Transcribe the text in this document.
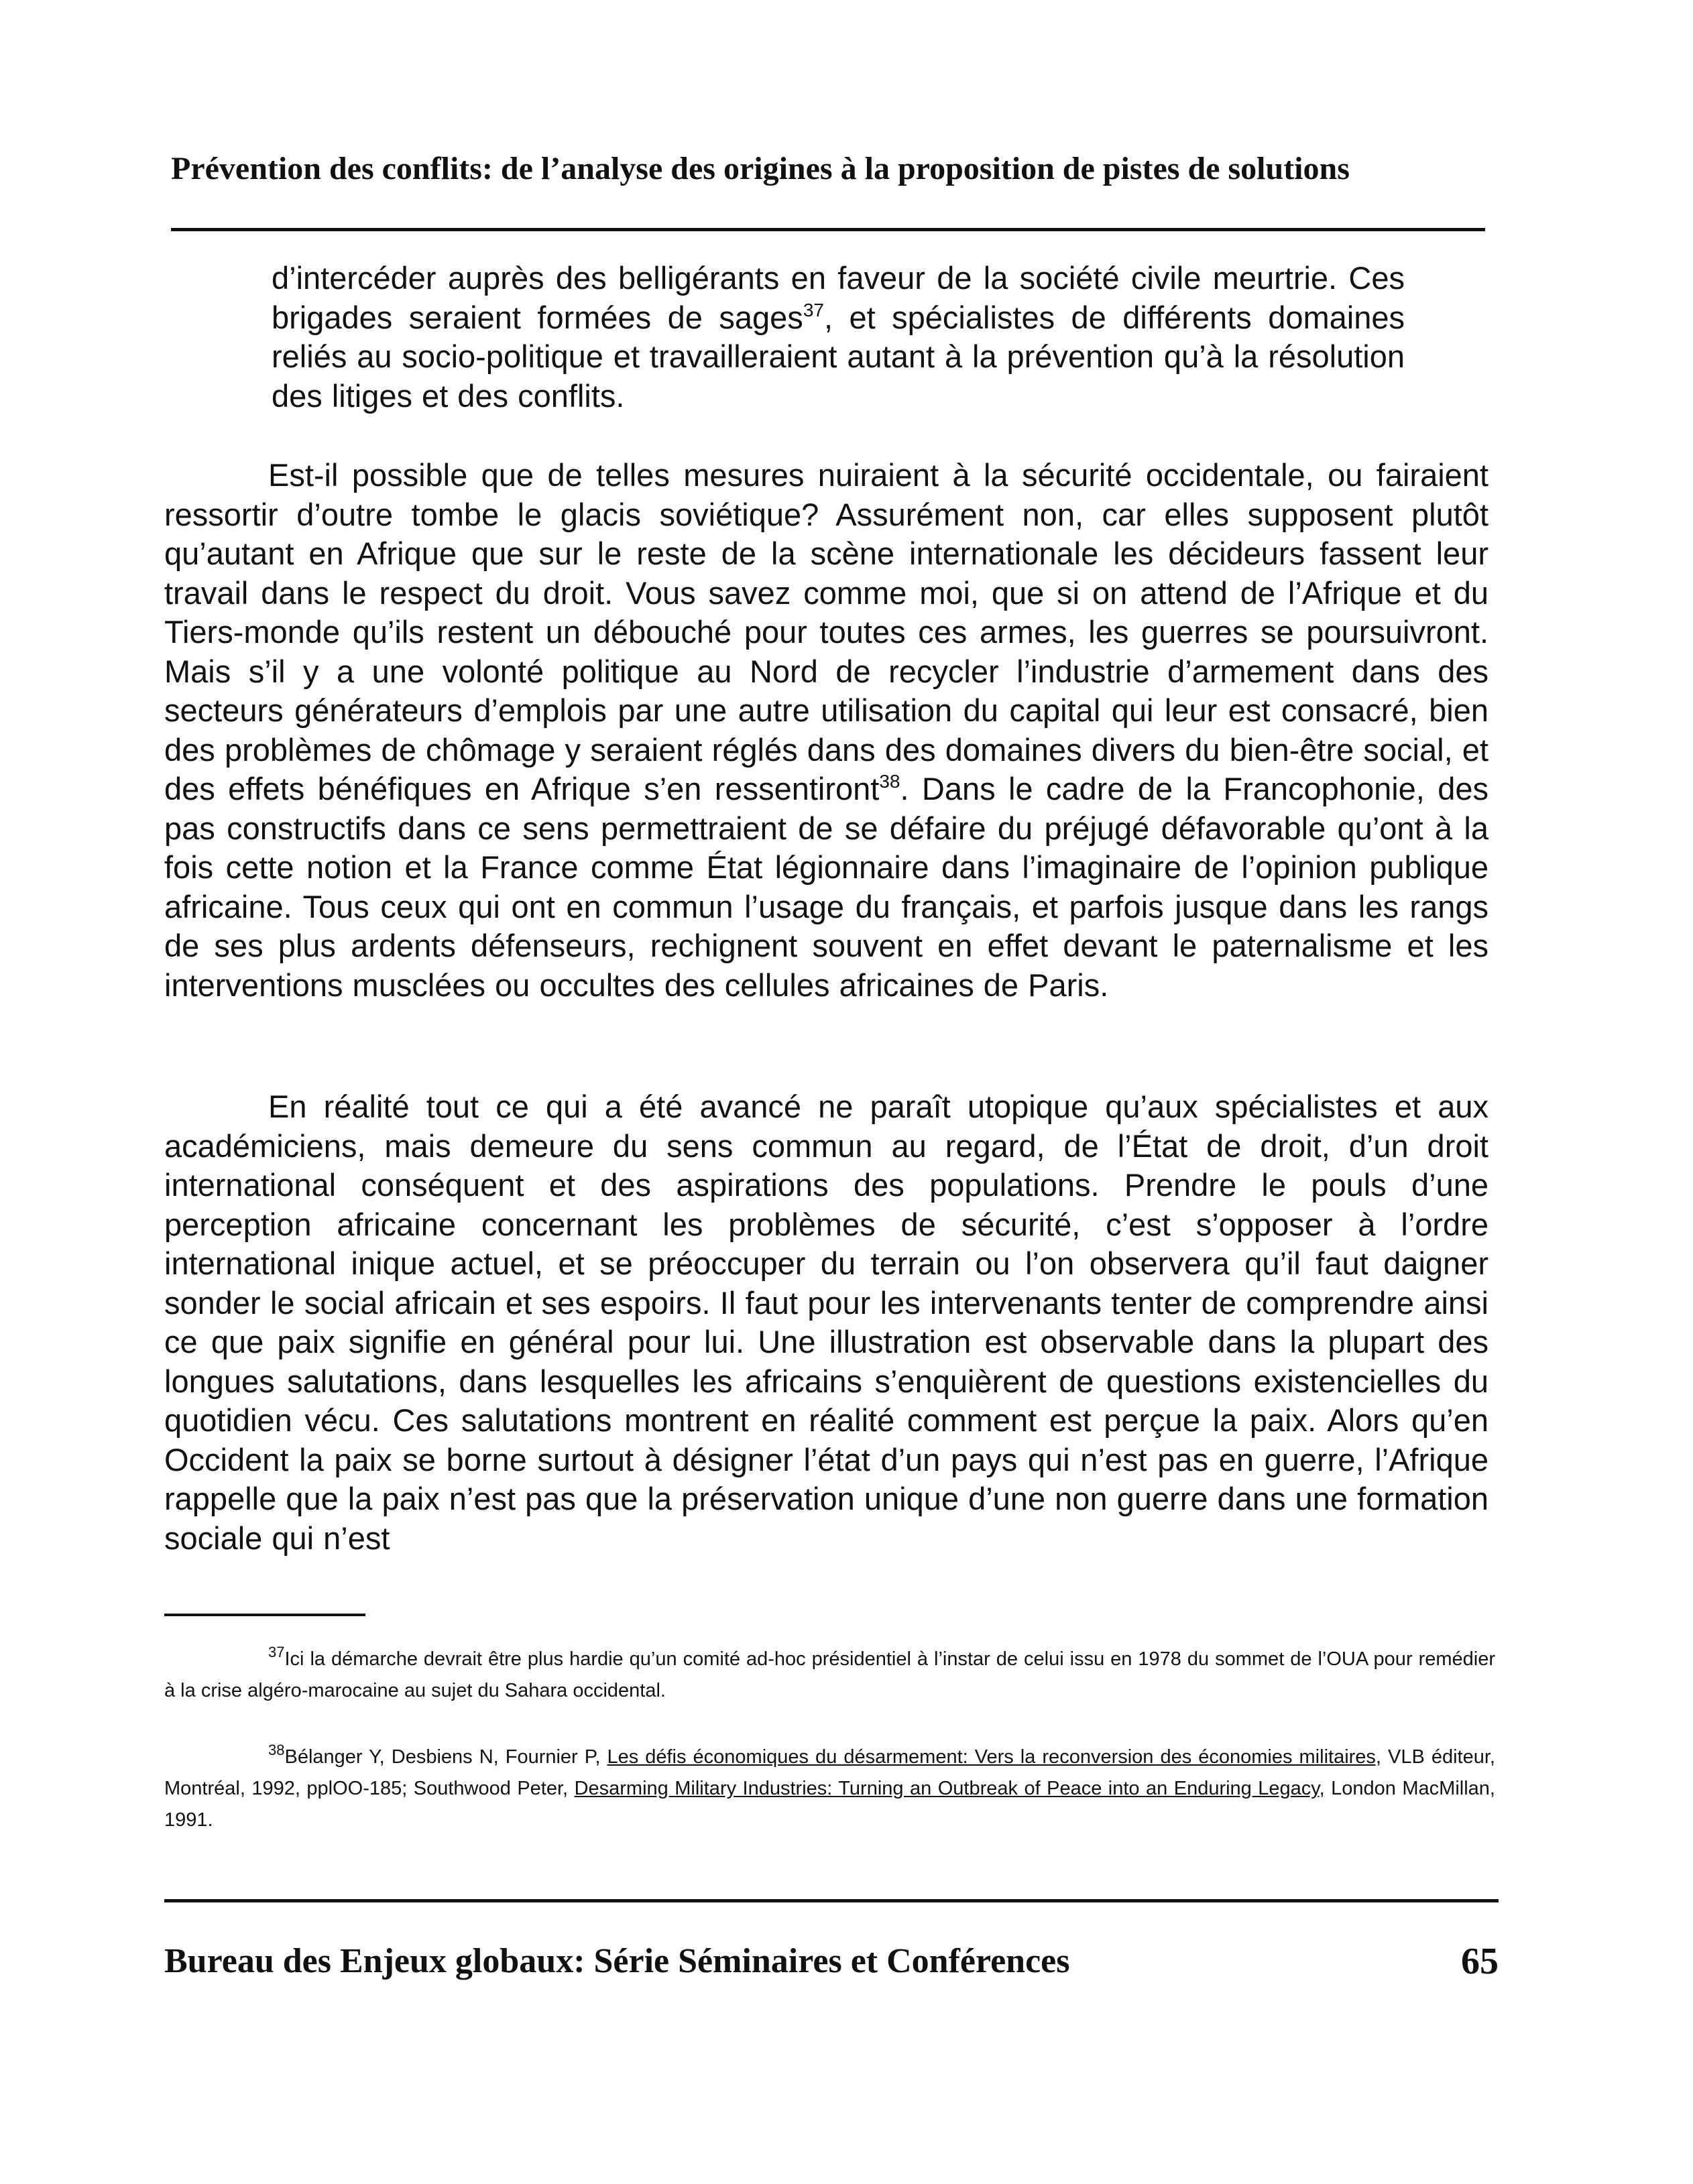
Prévention des conflits: de l’analyse des origines à la proposition de pistes de solutions
d’intercéder auprès des belligérants en faveur de la société civile meurtrie. Ces brigades seraient formées de sages$^{37}$, et spécialistes de différents domaines reliés au socio-politique et travailleraient autant à la prévention qu’à la résolution des litiges et des conflits.
Est-il possible que de telles mesures nuiraient à la sécurité occidentale, ou fairaient ressortir d’outre tombe le glacis soviétique? Assurément non, car elles supposent plutôt qu’autant en Afrique que sur le reste de la scène internationale les décideurs fassent leur travail dans le respect du droit. Vous savez comme moi, que si on attend de l’Afrique et du Tiers-monde qu’ils restent un débouché pour toutes ces armes, les guerres se poursuivront. Mais s’il y a une volonté politique au Nord de recycler l’industrie d’armement dans des secteurs générateurs d’emplois par une autre utilisation du capital qui leur est consacré, bien des problèmes de chômage y seraient réglés dans des domaines divers du bien-être social, et des effets bénéfiques en Afrique s’en ressentiront$^{38}$. Dans le cadre de la Francophonie, des pas constructifs dans ce sens permettraient de se défaire du préjugé défavorable qu’ont à la fois cette notion et la France comme État légionnaire dans l’imaginaire de l’opinion publique africaine. Tous ceux qui ont en commun l’usage du français, et parfois jusque dans les rangs de ses plus ardents défenseurs, rechignent souvent en effet devant le paternalisme et les interventions musclées ou occultes des cellules africaines de Paris.
En réalité tout ce qui a été avancé ne paraît utopique qu’aux spécialistes et aux académiciens, mais demeure du sens commun au regard, de l’État de droit, d’un droit international conséquent et des aspirations des populations. Prendre le pouls d’une perception africaine concernant les problèmes de sécurité, c’est s’opposer à l’ordre international inique actuel, et se préoccuper du terrain ou l’on observera qu’il faut daigner sonder le social africain et ses espoirs. Il faut pour les intervenants tenter de comprendre ainsi ce que paix signifie en général pour lui. Une illustration est observable dans la plupart des longues salutations, dans lesquelles les africains s’enquièrent de questions existencielles du quotidien vécu. Ces salutations montrent en réalité comment est perçue la paix. Alors qu’en Occident la paix se borne surtout à désigner l’état d’un pays qui n’est pas en guerre, l’Afrique rappelle que la paix n’est pas que la préservation unique d’une non guerre dans une formation sociale qui n’est
$^{37}$Ici la démarche devrait être plus hardie qu’un comité ad-hoc présidentiel à l’instar de celui issu en 1978 du sommet de l’OUA pour remédier à la crise algéro-marocaine au sujet du Sahara occidental.
$^{38}$Bélanger Y, Desbiens N, Fournier P, Les défis économiques du désarmement: Vers la reconversion des économies militaires, VLB éditeur, Montréal, 1992, pplOO-185; Southwood Peter, Desarming Military Industries: Turning an Outbreak of Peace into an Enduring Legacy, London MacMillan, 1991.
Bureau des Enjeux globaux: Série Séminaires et Conférences	65
